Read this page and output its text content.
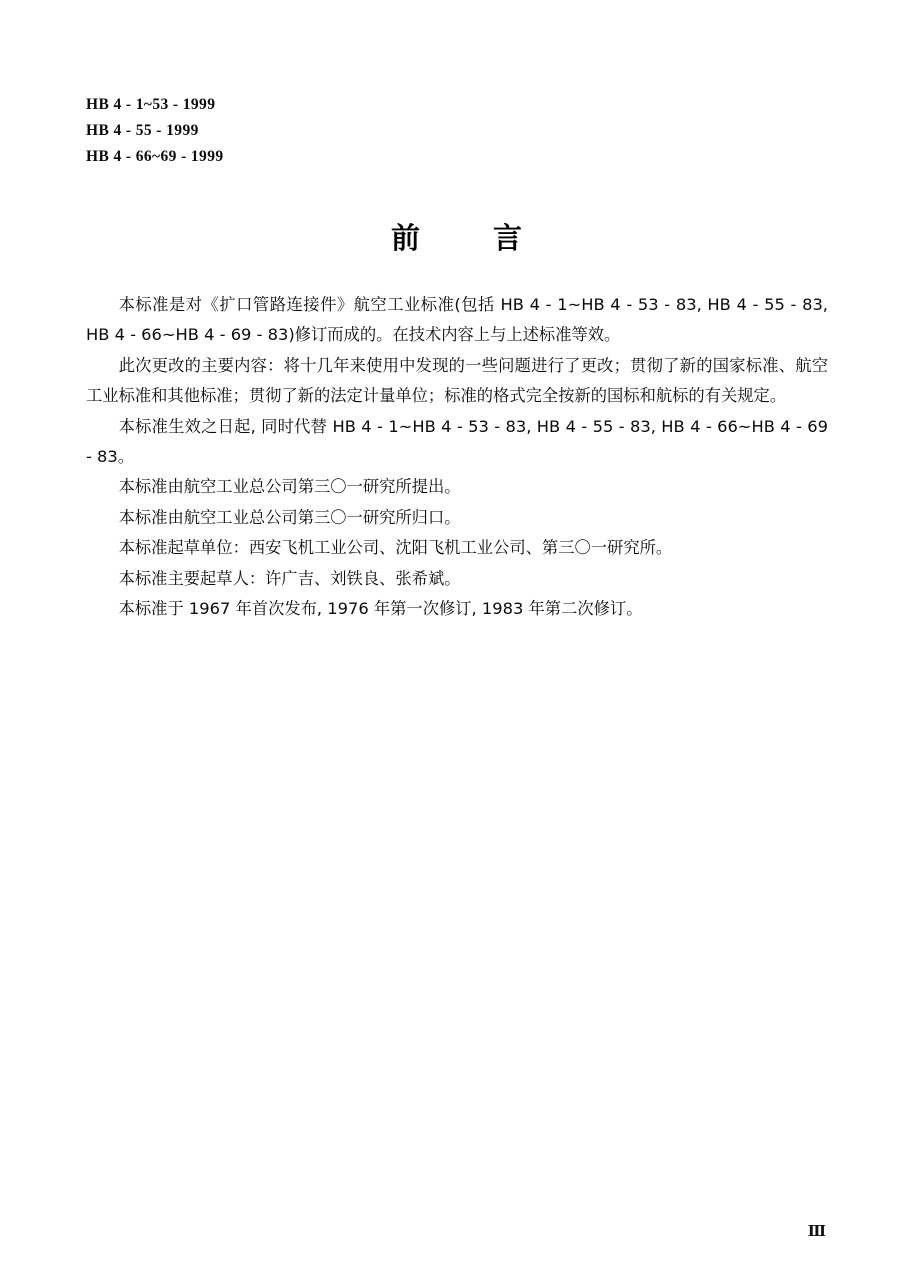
HB 4 - 1~53 - 1999
HB 4 - 55 - 1999
HB 4 - 66~69 - 1999
前　言

本标准是对《扩口管路连接件》航空工业标准(包括 HB 4 - 1~HB 4 - 53 - 83, HB 4 - 55 - 83, HB 4 - 66~HB 4 - 69 - 83)修订而成的。在技术内容上与上述标准等效。

此次更改的主要内容：将十几年来使用中发现的一些问题进行了更改；贯彻了新的国家标准、航空工业标准和其他标准；贯彻了新的法定计量单位；标准的格式完全按新的国标和航标的有关规定。

本标准生效之日起, 同时代替 HB 4 - 1~HB 4 - 53 - 83, HB 4 - 55 - 83, HB 4 - 66~HB 4 - 69 - 83。

本标准由航空工业总公司第三〇一研究所提出。

本标准由航空工业总公司第三〇一研究所归口。

本标准起草单位：西安飞机工业公司、沈阳飞机工业公司、第三〇一研究所。

本标准主要起草人：许广吉、刘铁良、张希斌。

本标准于 1967 年首次发布, 1976 年第一次修订, 1983 年第二次修订。

Ⅲ
